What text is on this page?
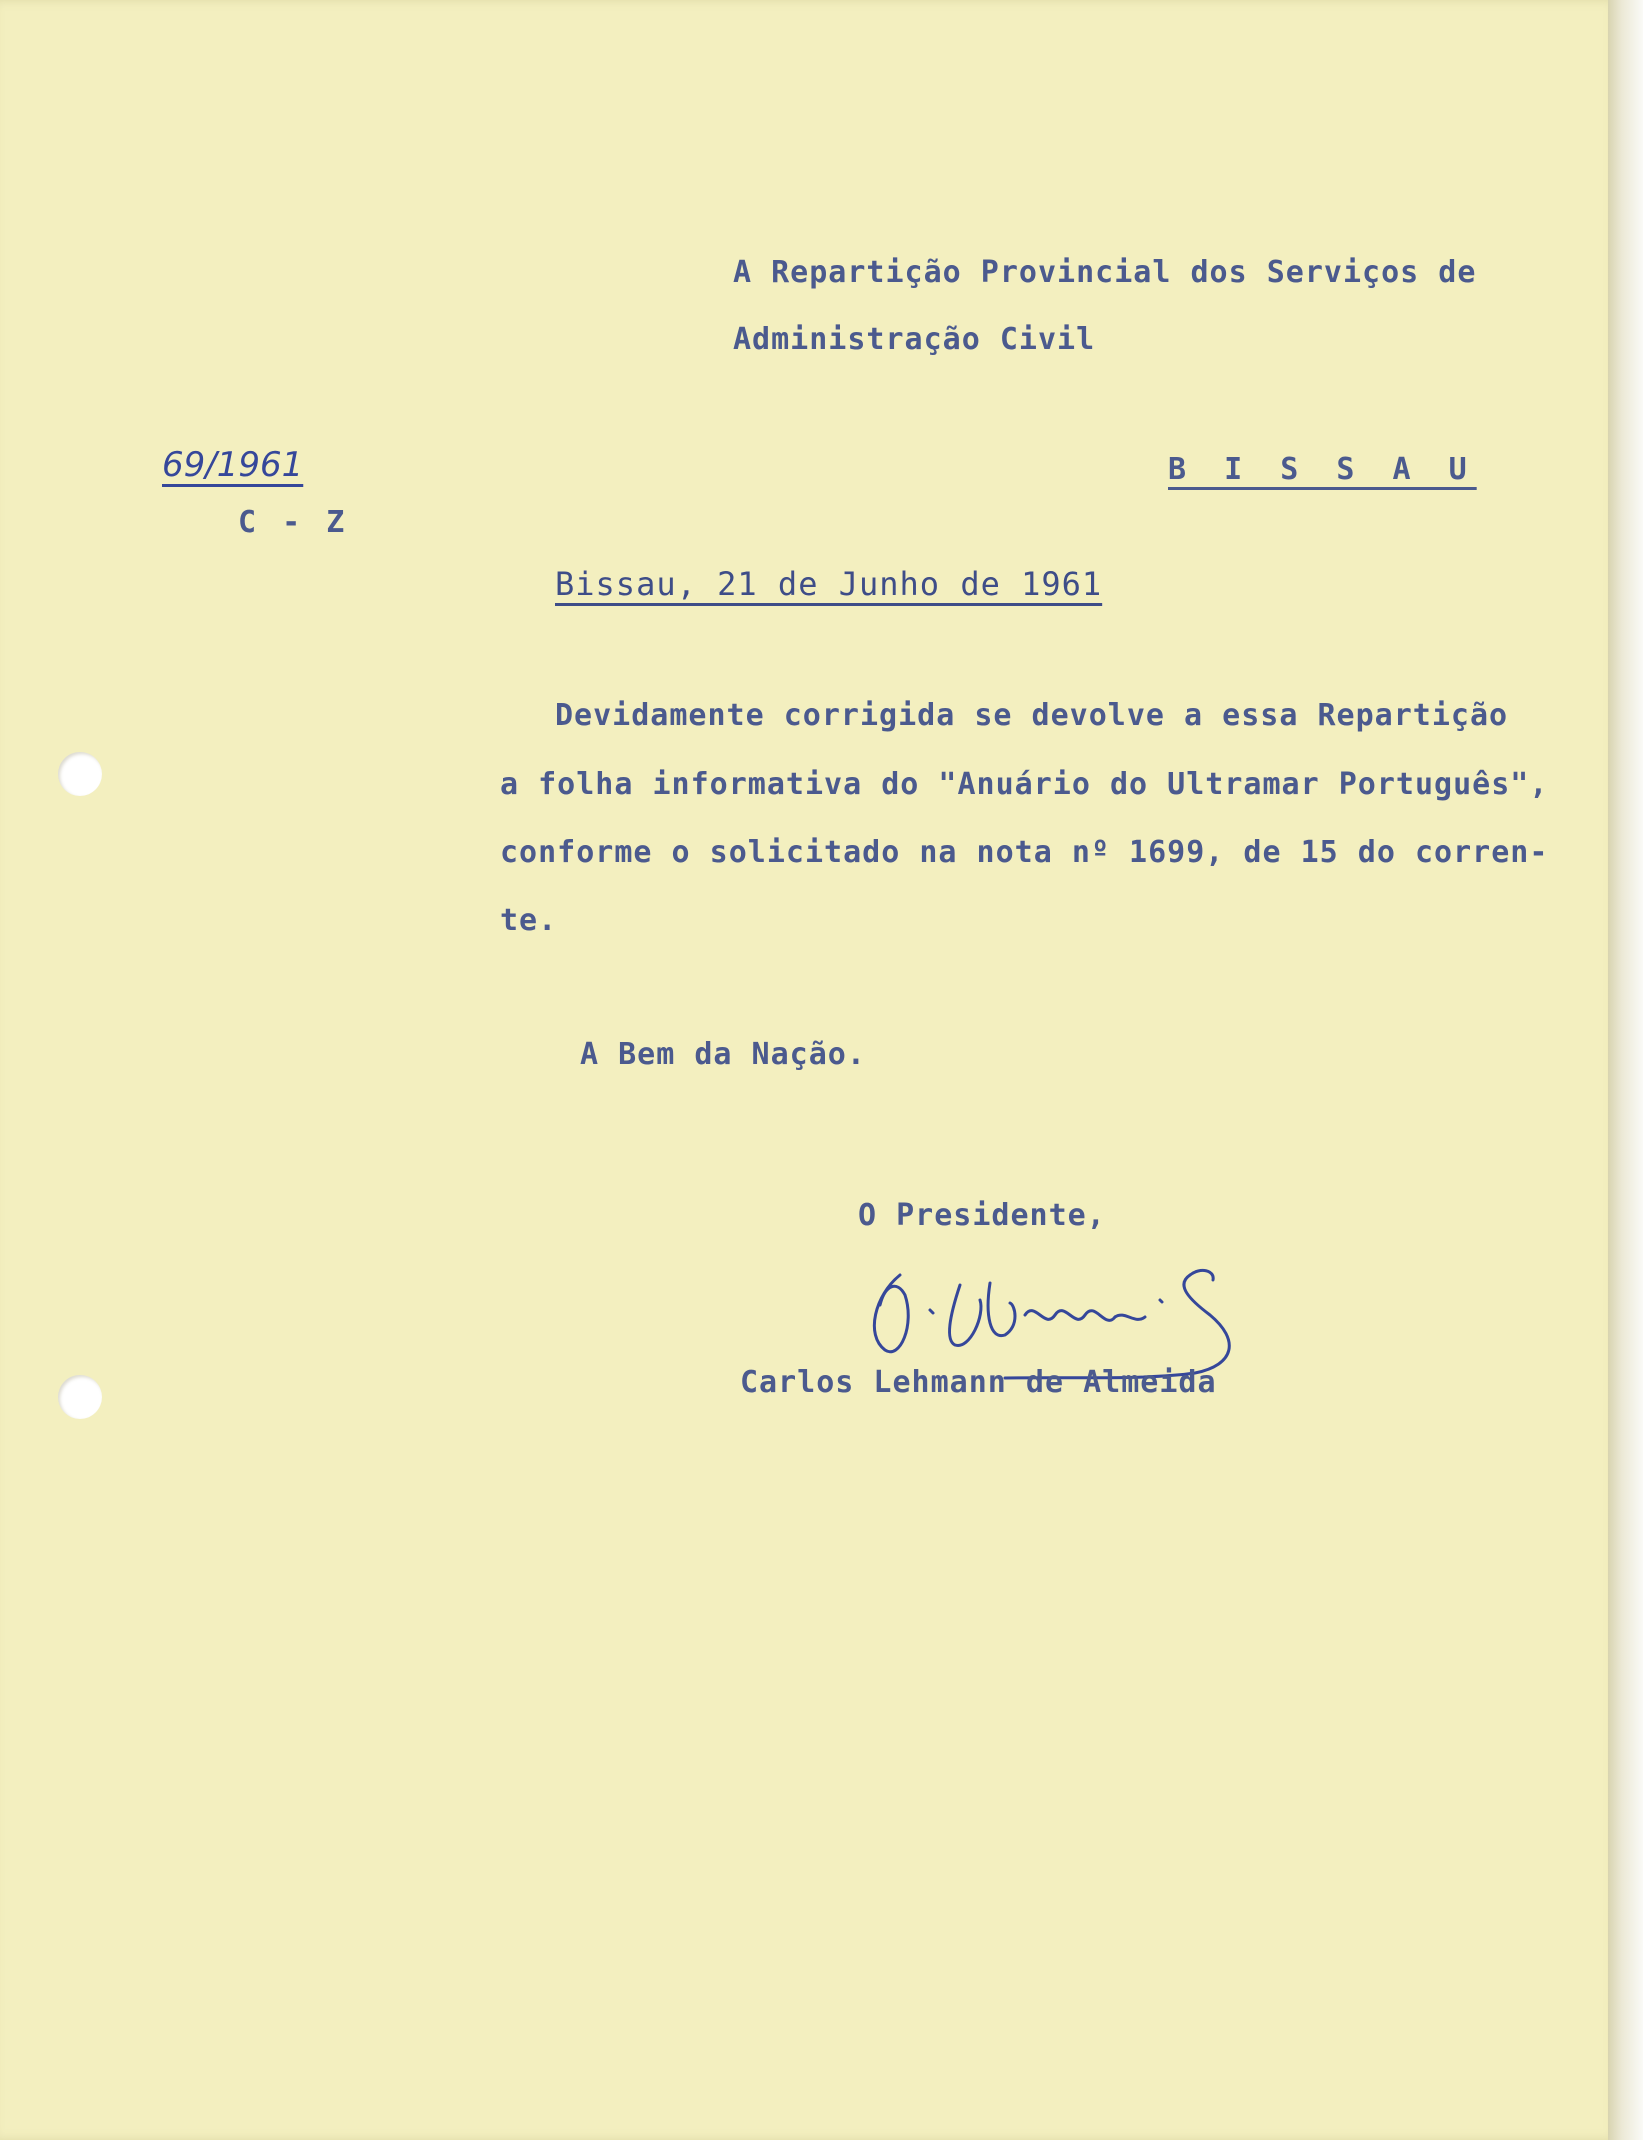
A Repartição Provincial dos Serviços de
Administração Civil
69/1961
C - Z
B I S S A U
Bissau, 21 de Junho de 1961
Devidamente corrigida se devolve a essa Repartição
a folha informativa do "Anuário do Ultramar Português",
conforme o solicitado na nota nº 1699, de 15 do corren-
te.
A Bem da Nação.
O Presidente,
Carlos Lehmann de Almeida
